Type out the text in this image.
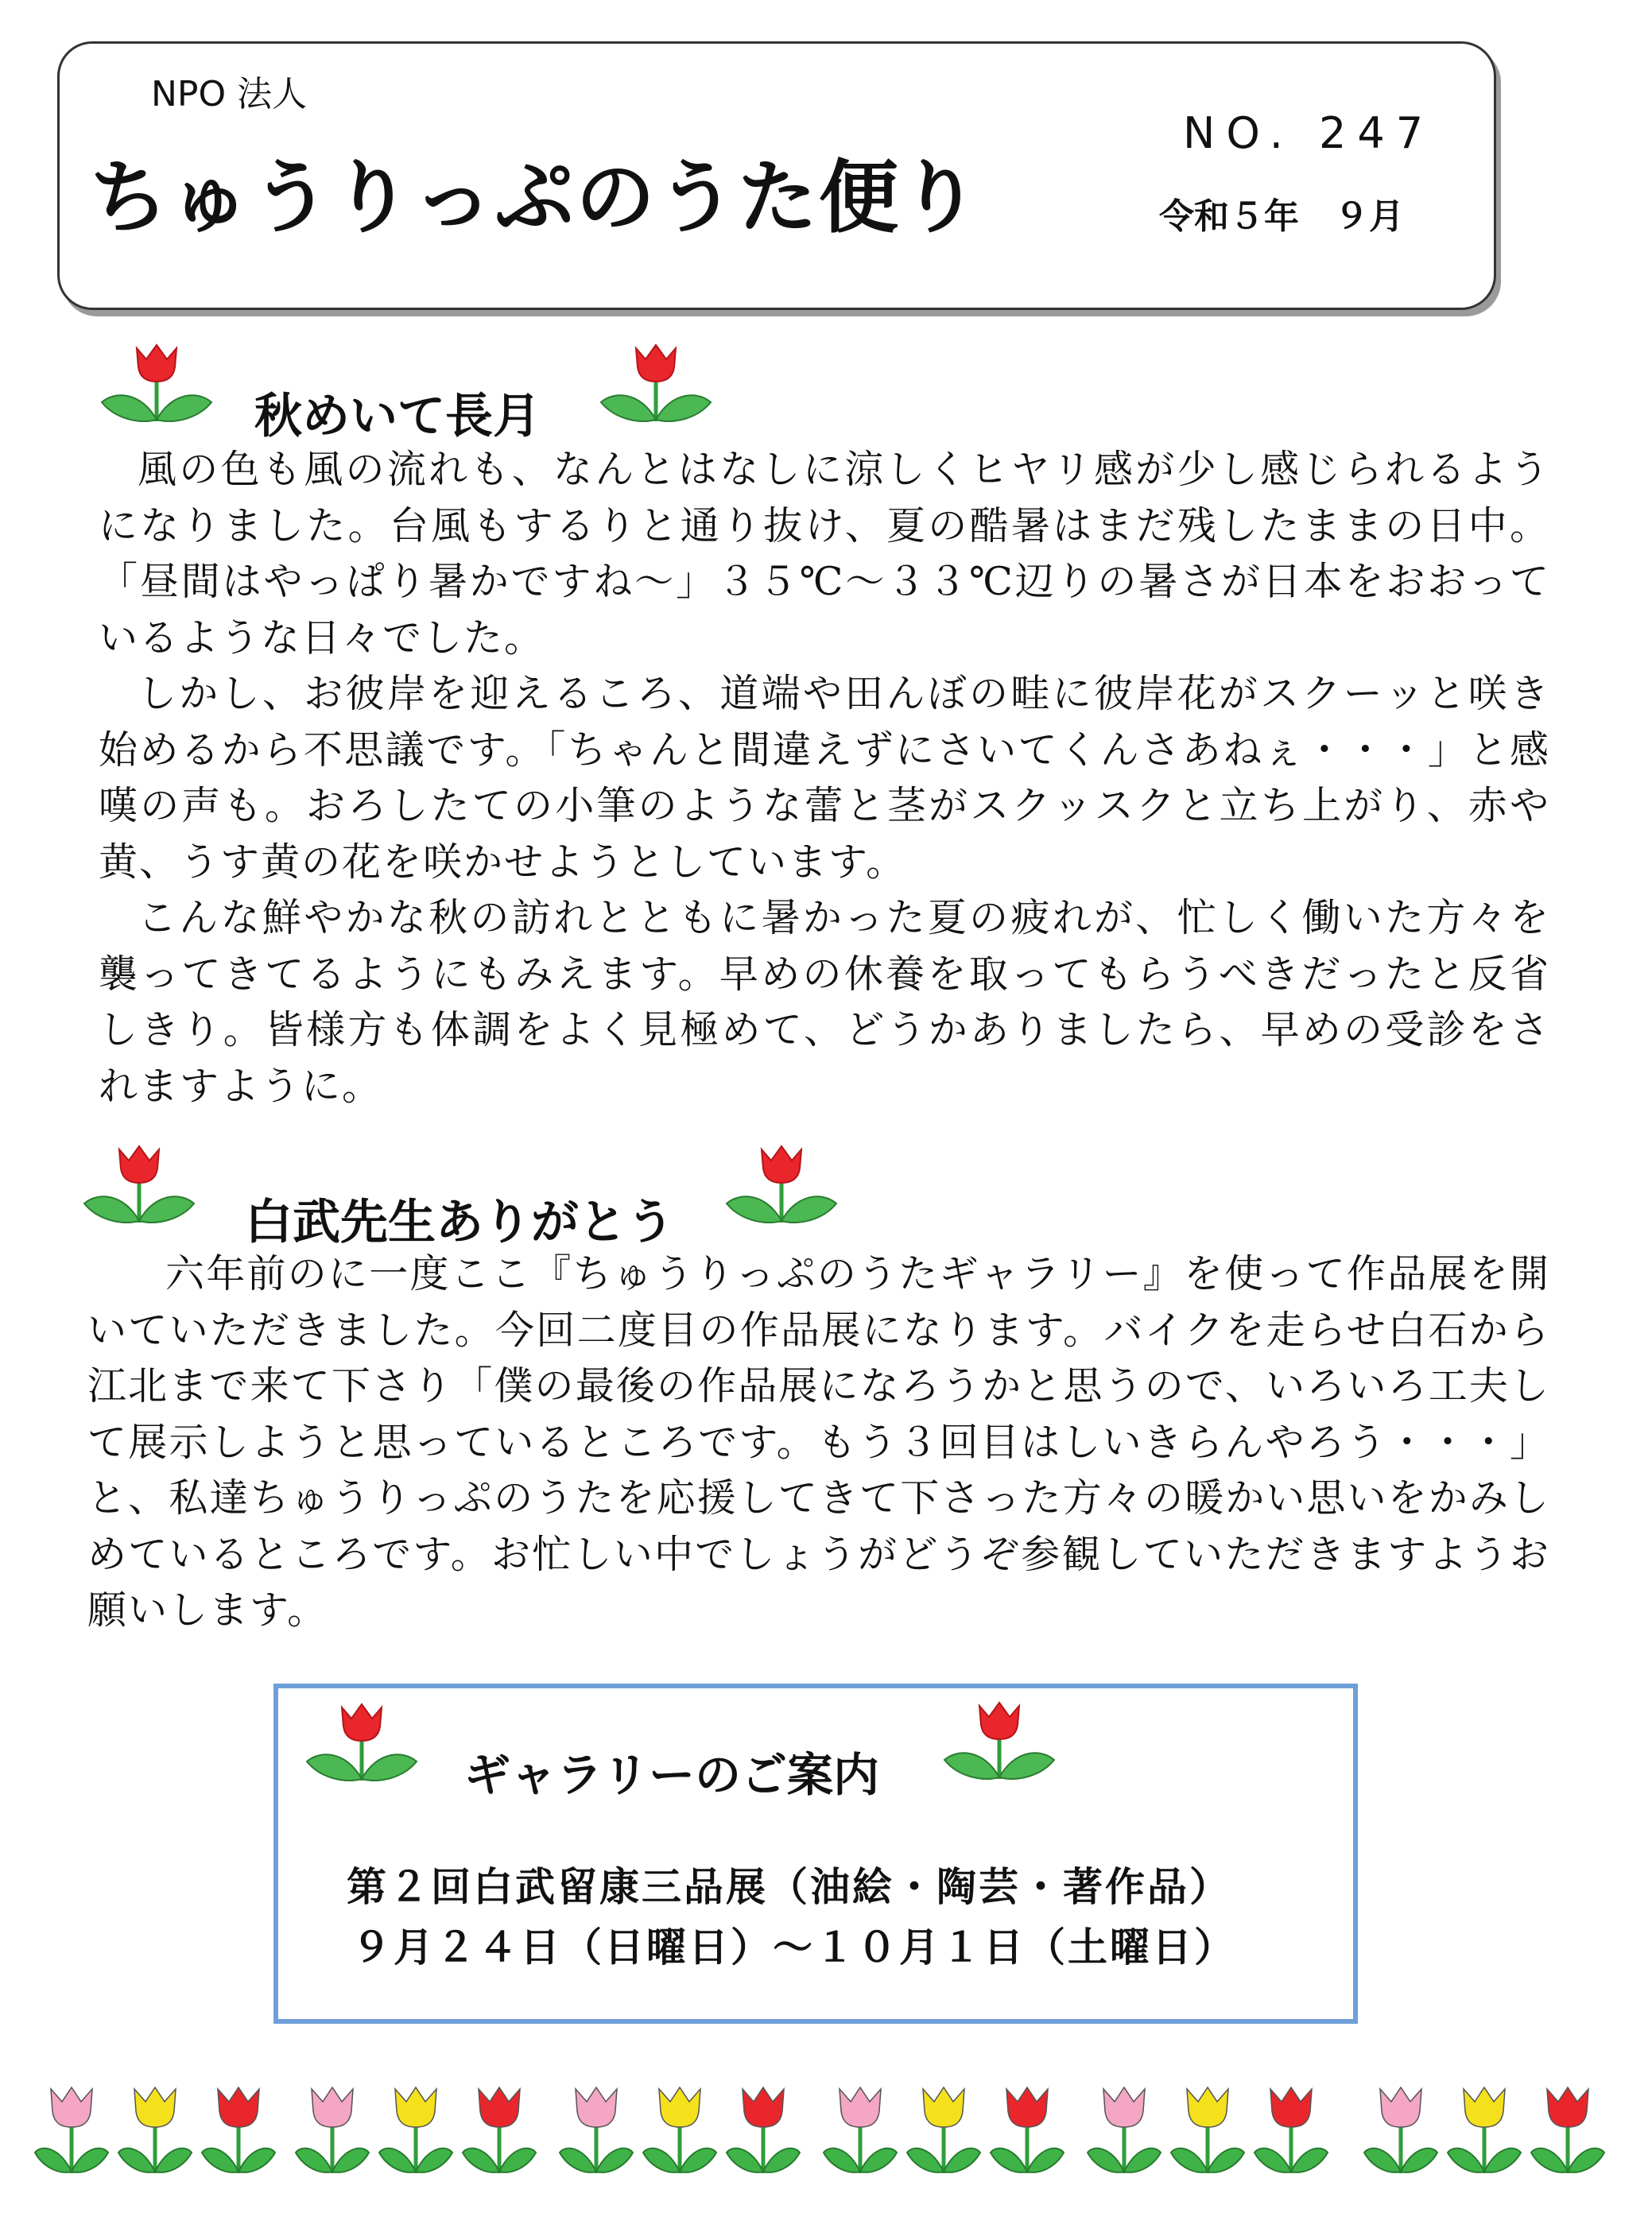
NPO 法人
ちゅうりっぷのうた便り
NO. 247
令和５年　９月
秋めいて長月

風の色も風の流れも、なんとはなしに涼しくヒヤリ感が少し感じられるようになりました。台風もするりと通り抜け、夏の酷暑はまだ残したままの日中。「昼間はやっぱり暑かですね〜」３５℃〜３３℃辺りの暑さが日本をおおっているような日々でした。

しかし、お彼岸を迎えるころ、道端や田んぼの畦に彼岸花がスクーッと咲き始めるから不思議です。「ちゃんと間違えずにさいてくんさあねぇ・・・」と感嘆の声も。おろしたての小筆のような蕾と茎がスクッスクと立ち上がり、赤や黄、うす黄の花を咲かせようとしています。

こんな鮮やかな秋の訪れとともに暑かった夏の疲れが、忙しく働いた方々を襲ってきてるようにもみえます。早めの休養を取ってもらうべきだったと反省しきり。皆様方も体調をよく見極めて、どうかありましたら、早めの受診をされますように。

白武先生ありがとう

六年前のに一度ここ『ちゅうりっぷのうたギャラリー』を使って作品展を開いていただきました。今回二度目の作品展になります。バイクを走らせ白石から江北まで来て下さり「僕の最後の作品展になろうかと思うので、いろいろ工夫して展示しようと思っているところです。もう３回目はしいきらんやろう・・・」と、私達ちゅうりっぷのうたを応援してきて下さった方々の暖かい思いをかみしめているところです。お忙しい中でしょうがどうぞ参観していただきますようお願いします。

ギャラリーのご案内
第２回白武留康三品展（油絵・陶芸・著作品）
９月２４日（日曜日）〜１０月１日（土曜日）
